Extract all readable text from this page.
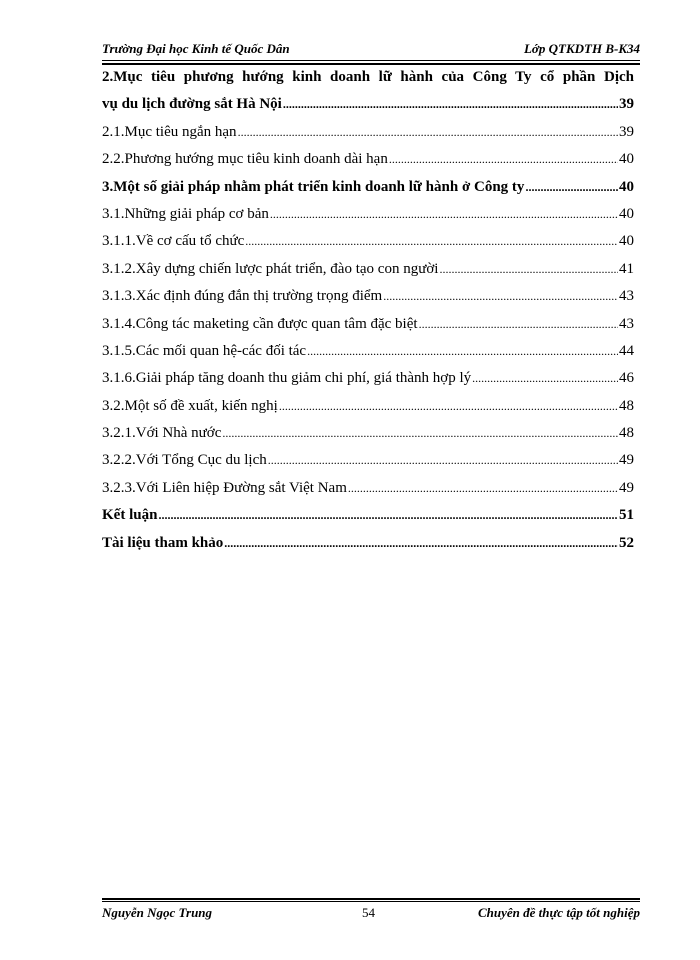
Trường Đại học Kinh tế Quốc Dân	Lớp QTKDTH B-K34
2.Mục tiêu phương hướng kinh doanh lữ hành của Công Ty cổ phần Dịch
vụ du lịch đường sắt Hà Nội .....	39
2.1.Mục tiêu ngắn hạn .....	39
2.2.Phương hướng mục tiêu kinh doanh dài hạn .....	40
3.Một số giải pháp nhằm phát triển kinh doanh lữ hành ở Công ty .....	40
3.1.Những giải pháp cơ bản .....	40
3.1.1.Về cơ cấu tổ chức .....	40
3.1.2.Xây dựng chiến lược phát triển, đào tạo con người .....	41
3.1.3.Xác định đúng đắn thị trường trọng điểm .....	43
3.1.4.Công tác maketing cần được quan tâm đặc biệt .....	43
3.1.5.Các mối quan hệ-các đối tác .....	44
3.1.6.Giải pháp tăng doanh thu giảm chi phí, giá thành hợp lý .....	46
3.2.Một số đề xuất, kiến nghị .....	48
3.2.1.Với Nhà nước .....	48
3.2.2.Với Tổng Cục du lịch .....	49
3.2.3.Với Liên hiệp Đường sắt Việt Nam .....	49
Kết luận .....	51
Tài liệu tham khảo .....	52
Nguyễn Ngọc Trung	54	Chuyên đề thực tập tốt nghiệp
